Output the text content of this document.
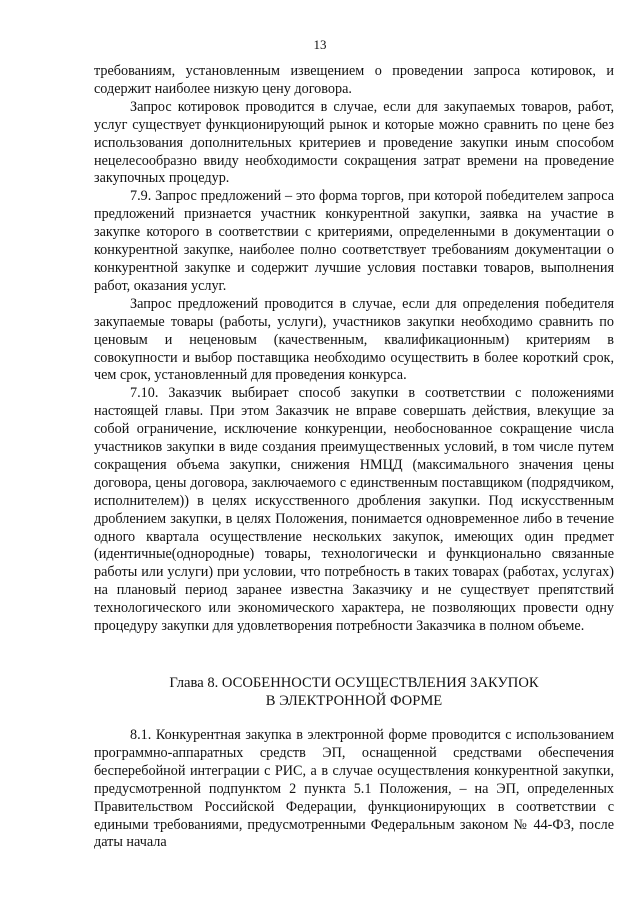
13

требованиям, установленным извещением о проведении запроса котировок, и содержит наиболее низкую цену договора.

Запрос котировок проводится в случае, если для закупаемых товаров, работ, услуг существует функционирующий рынок и которые можно сравнить по цене без использования дополнительных критериев и проведение закупки иным способом нецелесообразно ввиду необходимости сокращения затрат времени на проведение закупочных процедур.

7.9. Запрос предложений – это форма торгов, при которой победителем запроса предложений признается участник конкурентной закупки, заявка на участие в закупке которого в соответствии с критериями, определенными в документации о конкурентной закупке, наиболее полно соответствует требованиям документации о конкурентной закупке и содержит лучшие условия поставки товаров, выполнения работ, оказания услуг.

Запрос предложений проводится в случае, если для определения победителя закупаемые товары (работы, услуги), участников закупки необходимо сравнить по ценовым и неценовым (качественным, квалификационным) критериям в совокупности и выбор поставщика необходимо осуществить в более короткий срок, чем срок, установленный для проведения конкурса.

7.10. Заказчик выбирает способ закупки в соответствии с положениями настоящей главы. При этом Заказчик не вправе совершать действия, влекущие за собой ограничение, исключение конкуренции, необоснованное сокращение числа участников закупки в виде создания преимущественных условий, в том числе путем сокращения объема закупки, снижения НМЦД (максимального значения цены договора, цены договора, заключаемого с единственным поставщиком (подрядчиком, исполнителем)) в целях искусственного дробления закупки. Под искусственным дроблением закупки, в целях Положения, понимается одновременное либо в течение одного квартала осуществление нескольких закупок, имеющих один предмет (идентичные(однородные) товары, технологически и функционально связанные работы или услуги) при условии, что потребность в таких товарах (работах, услугах) на плановый период заранее известна Заказчику и не существует препятствий технологического или экономического характера, не позволяющих провести одну процедуру закупки для удовлетворения потребности Заказчика в полном объеме.

Глава 8. ОСОБЕННОСТИ ОСУЩЕСТВЛЕНИЯ ЗАКУПОК
В ЭЛЕКТРОННОЙ ФОРМЕ

8.1. Конкурентная закупка в электронной форме проводится с использованием программно-аппаратных средств ЭП, оснащенной средствами обеспечения бесперебойной интеграции с РИС, а в случае осуществления конкурентной закупки, предусмотренной подпунктом 2 пункта 5.1 Положения, – на ЭП, определенных Правительством Российской Федерации, функционирующих в соответствии с едиными требованиями, предусмотренными Федеральным законом № 44-ФЗ, после даты начала
